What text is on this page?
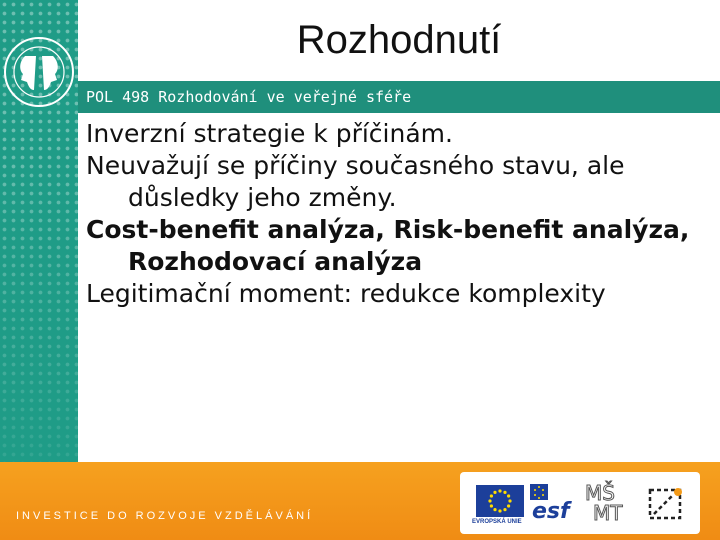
Rozhodnutí
POL 498 Rozhodování ve veřejné sféře

Inverzní strategie k příčinám.

Neuvažují se příčiny současného stavu, ale

důsledky jeho změny.

Cost-benefit analýza, Risk-benefit analýza,

Rozhodovací analýza

Legitimační moment: redukce komplexity

INVESTICE DO ROZVOJE VZDĚLÁVÁNÍ	EVROPSKÁ UNIE esf
MŠ
MT
